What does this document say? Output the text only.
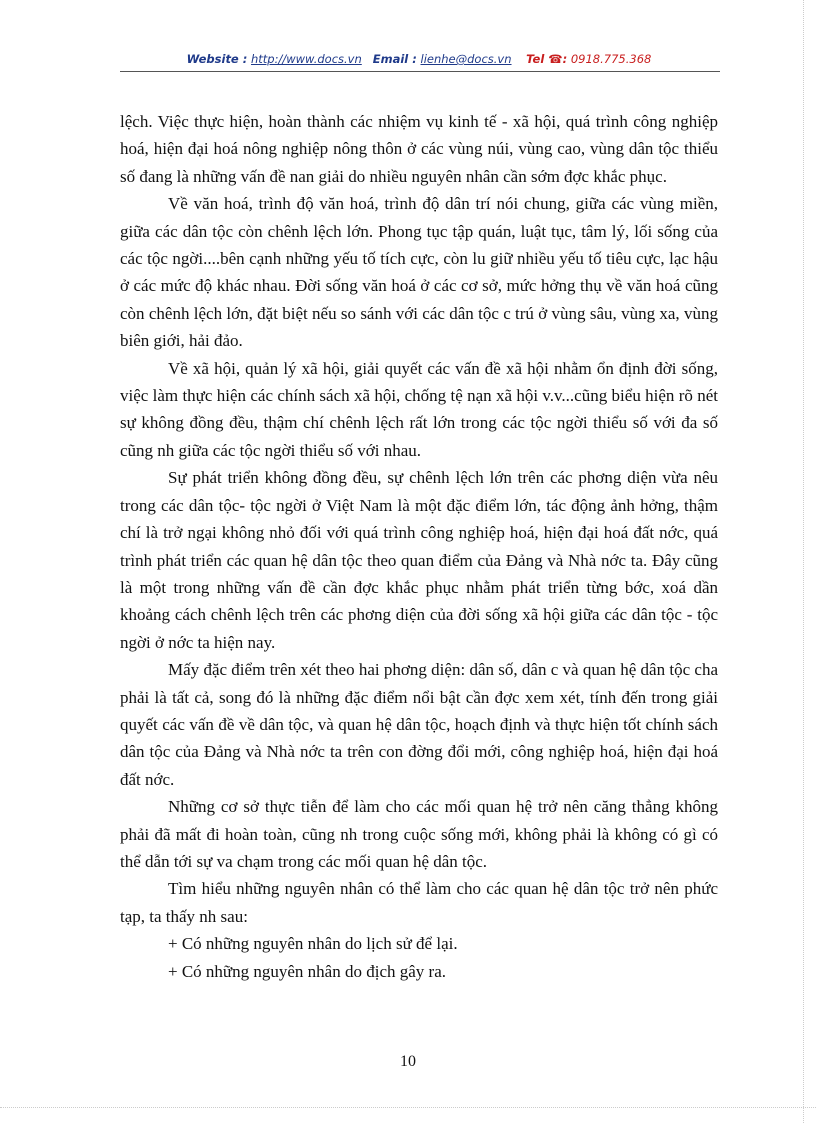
Website : http://www.docs.vn Email : lienhe@docs.vn Tel ☎: 0918.775.368

lệch. Việc thực hiện, hoàn thành các nhiệm vụ kinh tế - xã hội, quá trình công nghiệp hoá, hiện đại hoá nông nghiệp nông thôn ở các vùng núi, vùng cao, vùng dân tộc thiểu số đang là những vấn đề nan giải do nhiều nguyên nhân cần sớm đợc khắc phục.

Về văn hoá, trình độ văn hoá, trình độ dân trí nói chung, giữa các vùng miền, giữa các dân tộc còn chênh lệch lớn. Phong tục tập quán, luật tục, tâm lý, lối sống của các tộc ngời....bên cạnh những yếu tố tích cực, còn lu giữ nhiều yếu tố tiêu cực, lạc hậu ở các mức độ khác nhau. Đời sống văn hoá ở các cơ sở, mức hởng thụ về văn hoá cũng còn chênh lệch lớn, đặt biệt nếu so sánh với các dân tộc c trú ở vùng sâu, vùng xa, vùng biên giới, hải đảo.

Về xã hội, quản lý xã hội, giải quyết các vấn đề xã hội nhằm ổn định đời sống, việc làm thực hiện các chính sách xã hội, chống tệ nạn xã hội v.v...cũng biểu hiện rõ nét sự không đồng đều, thậm chí chênh lệch rất lớn trong các tộc ngời thiểu số với đa số cũng nh giữa các tộc ngời thiểu số với nhau.

Sự phát triển không đồng đều, sự chênh lệch lớn trên các phơng diện vừa nêu trong các dân tộc- tộc ngời ở Việt Nam là một đặc điểm lớn, tác động ảnh hởng, thậm chí là trở ngại không nhỏ đối với quá trình công nghiệp hoá, hiện đại hoá đất nớc, quá trình phát triển các quan hệ dân tộc theo quan điểm của Đảng và Nhà nớc ta. Đây cũng là một trong những vấn đề cần đợc khắc phục nhằm phát triển từng bớc, xoá dần khoảng cách chênh lệch trên các phơng diện của đời sống xã hội giữa các dân tộc - tộc ngời ở nớc ta hiện nay.

Mấy đặc điểm trên xét theo hai phơng diện: dân số, dân c và quan hệ dân tộc cha phải là tất cả, song đó là những đặc điểm nổi bật cần đợc xem xét, tính đến trong giải quyết các vấn đề về dân tộc, và quan hệ dân tộc, hoạch định và thực hiện tốt chính sách dân tộc của Đảng và Nhà nớc ta trên con đờng đổi mới, công nghiệp hoá, hiện đại hoá đất nớc.

Những cơ sở thực tiễn để làm cho các mối quan hệ trở nên căng thẳng không phải đã mất đi hoàn toàn, cũng nh trong cuộc sống mới, không phải là không có gì có thể dẫn tới sự va chạm trong các mối quan hệ dân tộc.

Tìm hiểu những nguyên nhân có thể làm cho các quan hệ dân tộc trở nên phức tạp, ta thấy nh sau:

+ Có những nguyên nhân do lịch sử để lại.

+ Có những nguyên nhân do địch gây ra.

10
